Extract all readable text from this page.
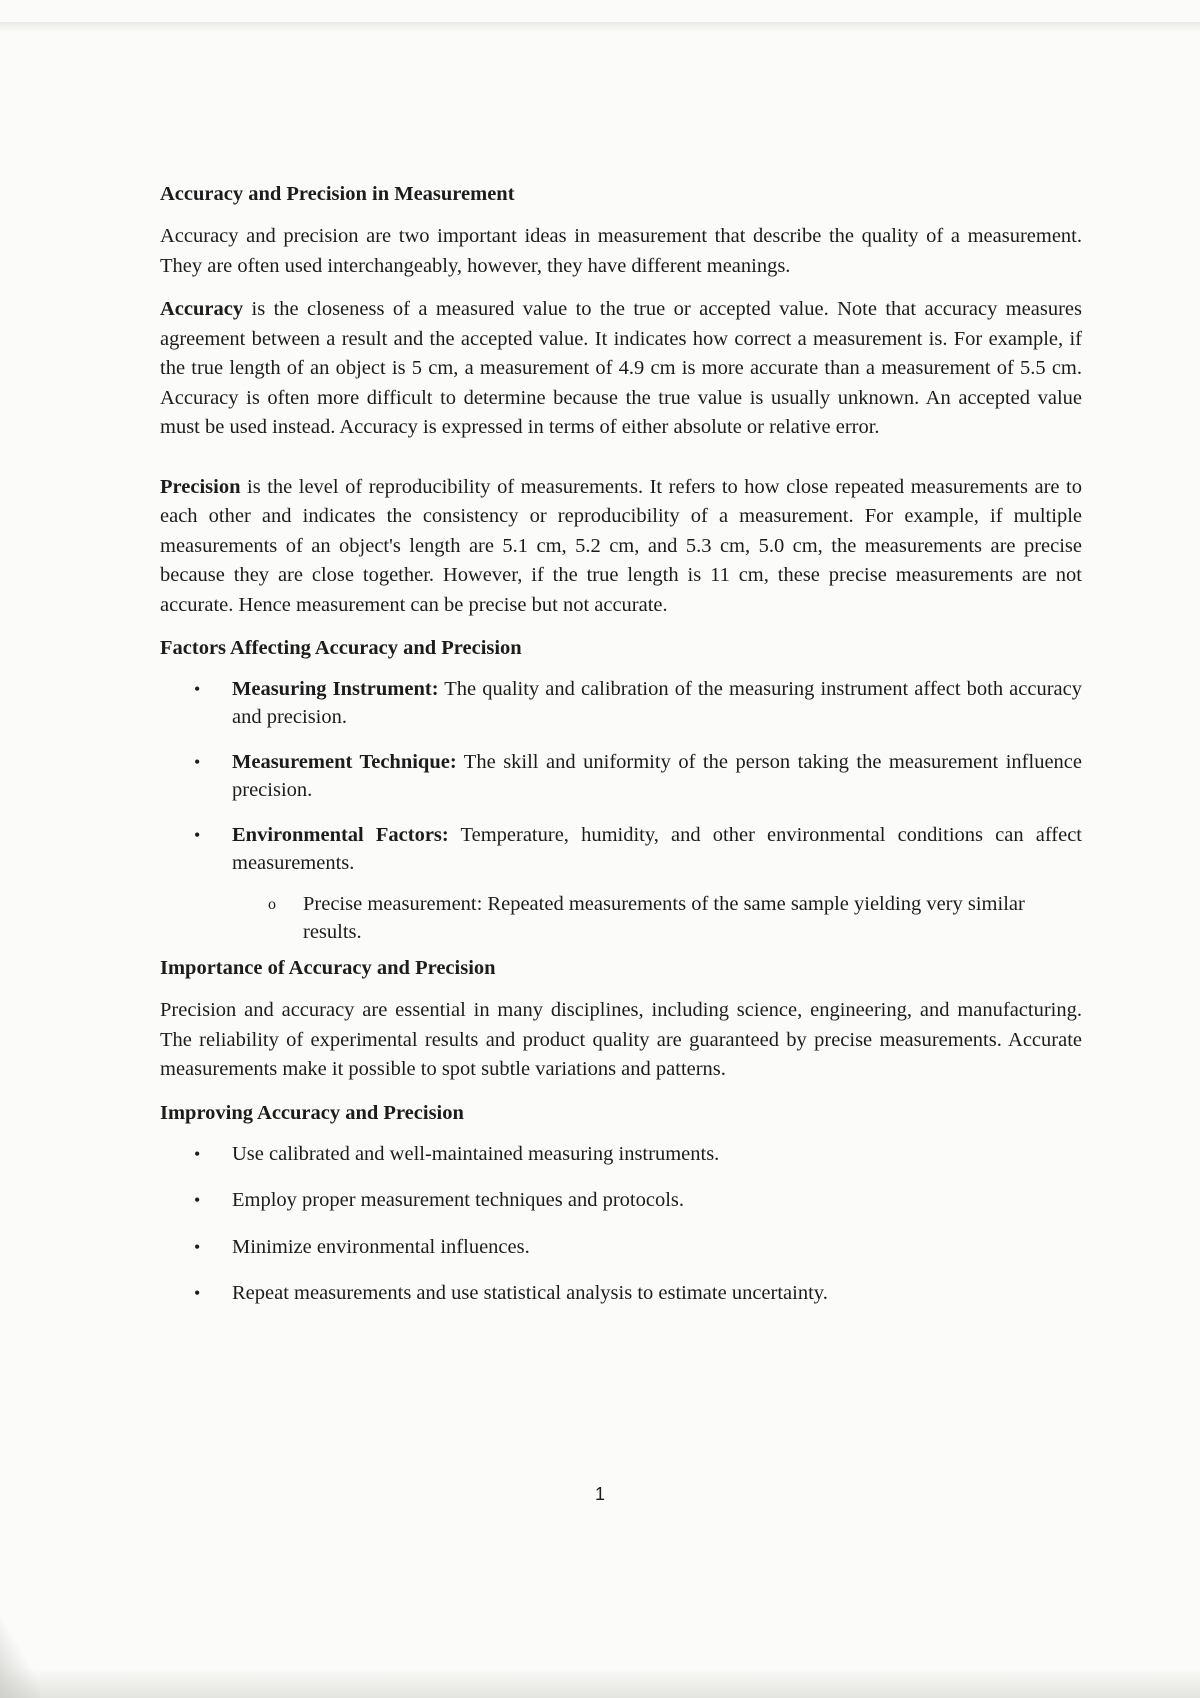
Accuracy and Precision in Measurement
Accuracy and precision are two important ideas in measurement that describe the quality of a measurement. They are often used interchangeably, however, they have different meanings.
Accuracy is the closeness of a measured value to the true or accepted value. Note that accuracy measures agreement between a result and the accepted value. It indicates how correct a measurement is. For example, if the true length of an object is 5 cm, a measurement of 4.9 cm is more accurate than a measurement of 5.5 cm. Accuracy is often more difficult to determine because the true value is usually unknown. An accepted value must be used instead. Accuracy is expressed in terms of either absolute or relative error.
Precision is the level of reproducibility of measurements. It refers to how close repeated measurements are to each other and indicates the consistency or reproducibility of a measurement. For example, if multiple measurements of an object's length are 5.1 cm, 5.2 cm, and 5.3 cm, 5.0 cm, the measurements are precise because they are close together. However, if the true length is 11 cm, these precise measurements are not accurate. Hence measurement can be precise but not accurate.
Factors Affecting Accuracy and Precision
• Measuring Instrument: The quality and calibration of the measuring instrument affect both accuracy and precision.
• Measurement Technique: The skill and uniformity of the person taking the measurement influence precision.
• Environmental Factors: Temperature, humidity, and other environmental conditions can affect measurements.
o Precise measurement: Repeated measurements of the same sample yielding very similar results.
Importance of Accuracy and Precision
Precision and accuracy are essential in many disciplines, including science, engineering, and manufacturing. The reliability of experimental results and product quality are guaranteed by precise measurements. Accurate measurements make it possible to spot subtle variations and patterns.
Improving Accuracy and Precision
• Use calibrated and well-maintained measuring instruments.
• Employ proper measurement techniques and protocols.
• Minimize environmental influences.
• Repeat measurements and use statistical analysis to estimate uncertainty.
1
